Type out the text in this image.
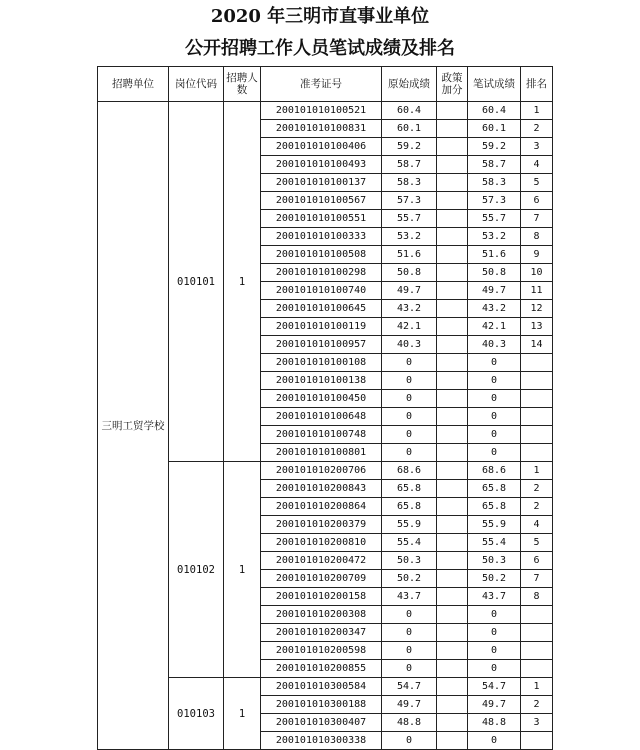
2020 年三明市直事业单位
公开招聘工作人员笔试成绩及排名
招聘单位	岗位代码	招聘人数	准考证号	原始成绩	政策加分	笔试成绩	排名
三明工贸学校	010101	1	200101010100521	60.4		60.4	1
			200101010100831	60.1		60.1	2
			200101010100406	59.2		59.2	3
			200101010100493	58.7		58.7	4
			200101010100137	58.3		58.3	5
			200101010100567	57.3		57.3	6
			200101010100551	55.7		55.7	7
			200101010100333	53.2		53.2	8
			200101010100508	51.6		51.6	9
			200101010100298	50.8		50.8	10
			200101010100740	49.7		49.7	11
			200101010100645	43.2		43.2	12
			200101010100119	42.1		42.1	13
			200101010100957	40.3		40.3	14
			200101010100108	0		0	
			200101010100138	0		0	
			200101010100450	0		0	
			200101010100648	0		0	
			200101010100748	0		0	
			200101010100801	0		0	
	010102	1	200101010200706	68.6		68.6	1
			200101010200843	65.8		65.8	2
			200101010200864	65.8		65.8	2
			200101010200379	55.9		55.9	4
			200101010200810	55.4		55.4	5
			200101010200472	50.3		50.3	6
			200101010200709	50.2		50.2	7
			200101010200158	43.7		43.7	8
			200101010200308	0		0	
			200101010200347	0		0	
			200101010200598	0		0	
			200101010200855	0		0	
	010103	1	200101010300584	54.7		54.7	1
			200101010300188	49.7		49.7	2
			200101010300407	48.8		48.8	3
			200101010300338	0		0	
